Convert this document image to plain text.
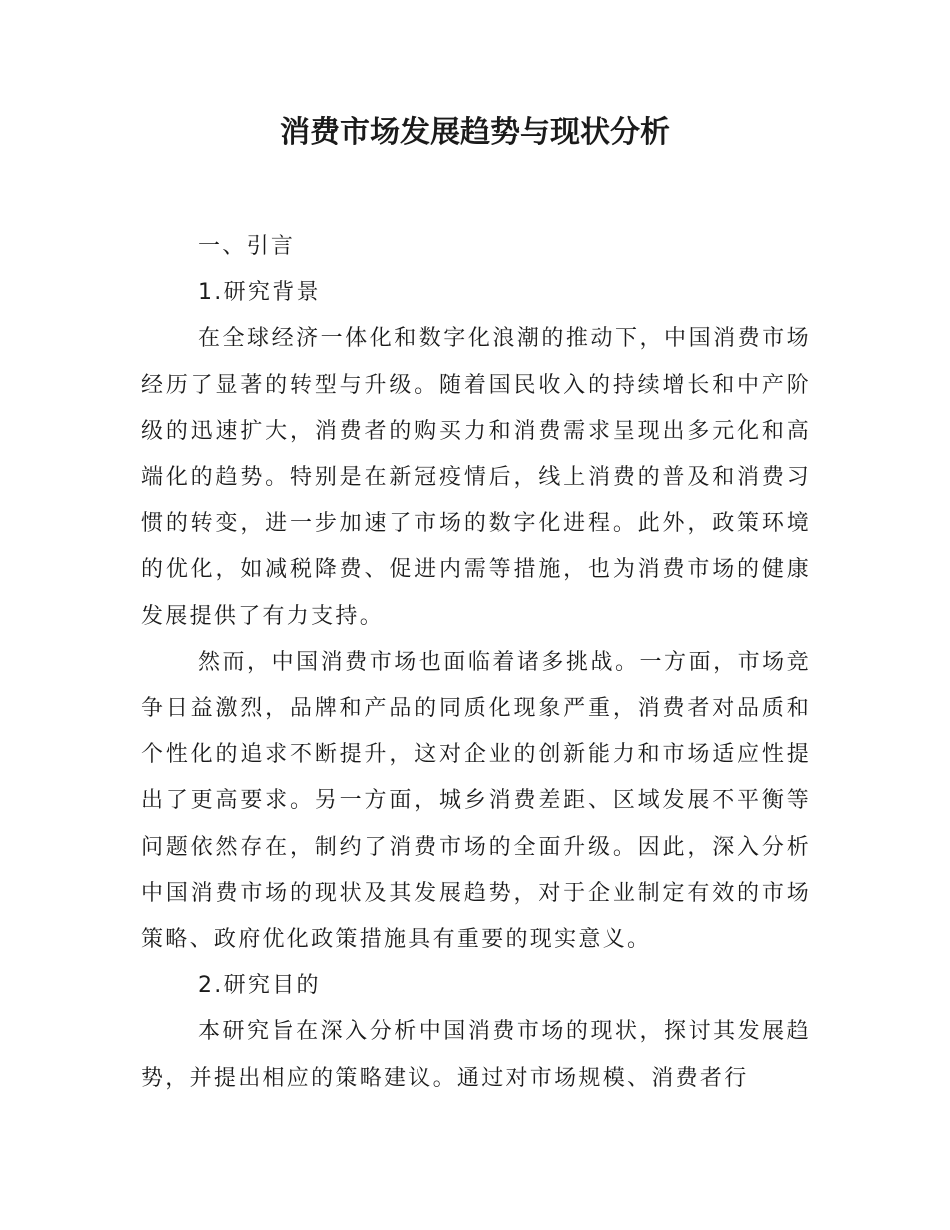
消费市场发展趋势与现状分析

一、引言

1.研究背景

在全球经济一体化和数字化浪潮的推动下，中国消费市场经历了显著的转型与升级。随着国民收入的持续增长和中产阶级的迅速扩大，消费者的购买力和消费需求呈现出多元化和高端化的趋势。特别是在新冠疫情后，线上消费的普及和消费习惯的转变，进一步加速了市场的数字化进程。此外，政策环境的优化，如减税降费、促进内需等措施，也为消费市场的健康发展提供了有力支持。

然而，中国消费市场也面临着诸多挑战。一方面，市场竞争日益激烈，品牌和产品的同质化现象严重，消费者对品质和个性化的追求不断提升，这对企业的创新能力和市场适应性提出了更高要求。另一方面，城乡消费差距、区域发展不平衡等问题依然存在，制约了消费市场的全面升级。因此，深入分析中国消费市场的现状及其发展趋势，对于企业制定有效的市场策略、政府优化政策措施具有重要的现实意义。

2.研究目的

本研究旨在深入分析中国消费市场的现状，探讨其发展趋势，并提出相应的策略建议。通过对市场规模、消费者行
